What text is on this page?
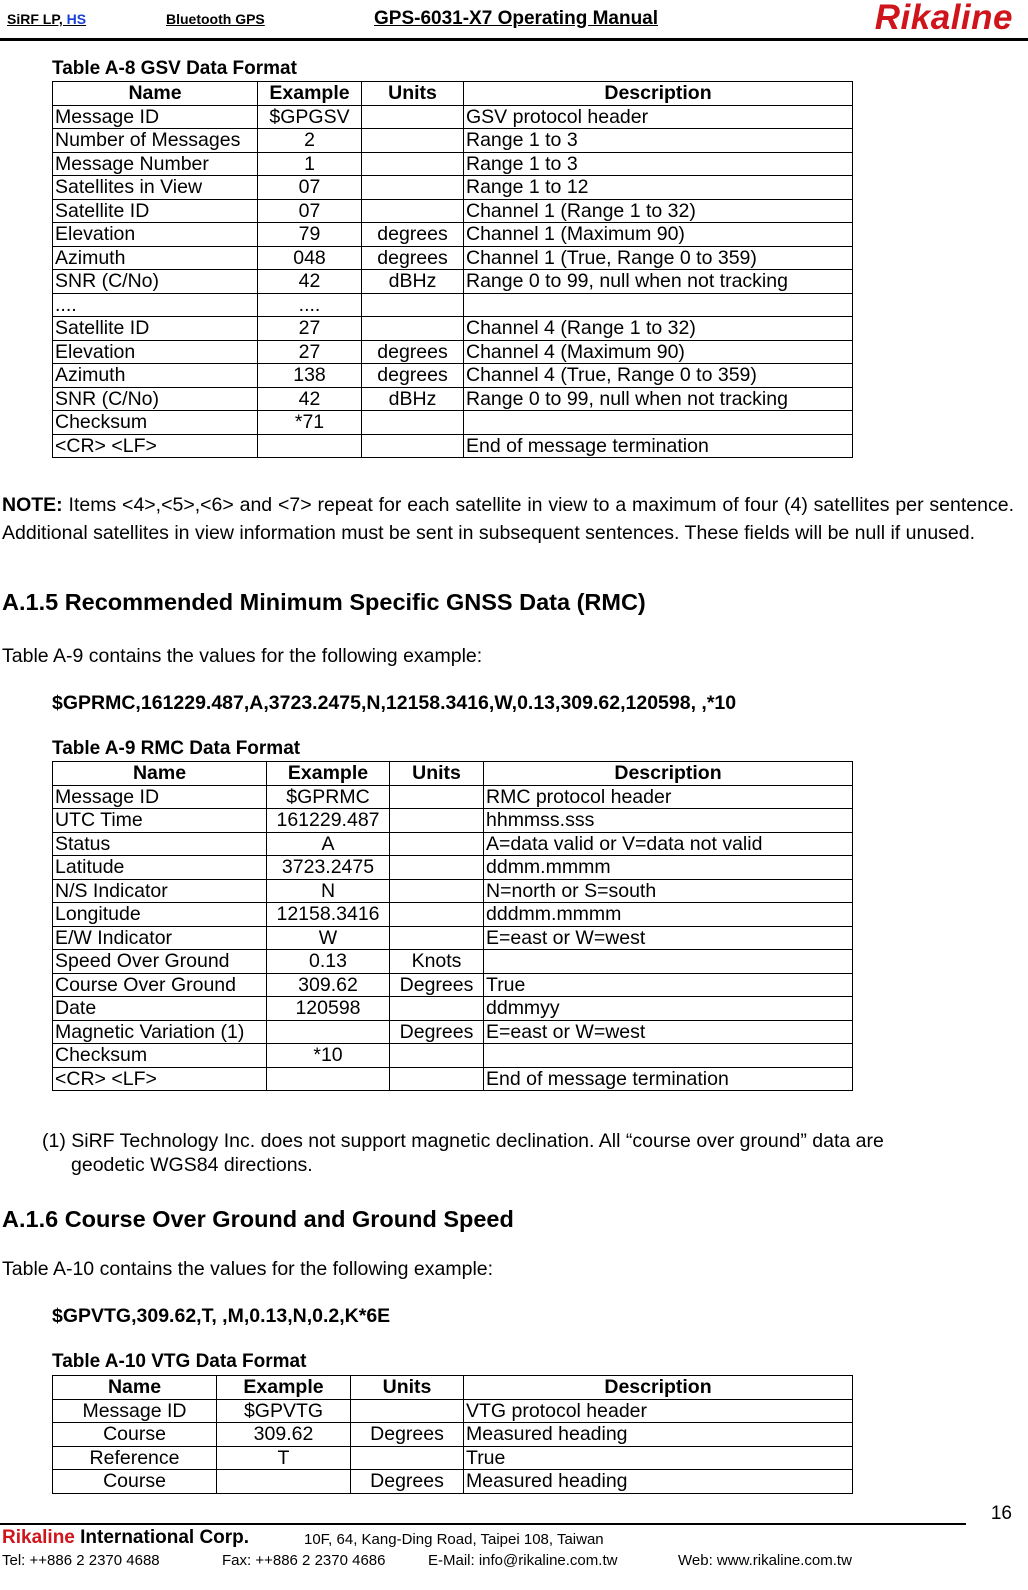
SiRF LP, HS	Bluetooth GPS	GPS-6031-X7 Operating Manual	Rikaline
Table A-8 GSV Data Format
Name	Example	Units	Description
Message ID	$GPGSV		GSV protocol header
Number of Messages	2		Range 1 to 3
Message Number	1		Range 1 to 3
Satellites in View	07		Range 1 to 12
Satellite ID	07		Channel 1 (Range 1 to 32)
Elevation	79	degrees	Channel 1 (Maximum 90)
Azimuth	048	degrees	Channel 1 (True, Range 0 to 359)
SNR (C/No)	42	dBHz	Range 0 to 99, null when not tracking
....	....		
Satellite ID	27		Channel 4 (Range 1 to 32)
Elevation	27	degrees	Channel 4 (Maximum 90)
Azimuth	138	degrees	Channel 4 (True, Range 0 to 359)
SNR (C/No)	42	dBHz	Range 0 to 99, null when not tracking
Checksum	*71		
<CR> <LF>			End of message termination
NOTE: Items <4>,<5>,<6> and <7> repeat for each satellite in view to a maximum of four (4) satellites per sentence. Additional satellites in view information must be sent in subsequent sentences. These fields will be null if unused.
A.1.5 Recommended Minimum Specific GNSS Data (RMC)
Table A-9 contains the values for the following example:
$GPRMC,161229.487,A,3723.2475,N,12158.3416,W,0.13,309.62,120598, ,*10
Table A-9 RMC Data Format
Name	Example	Units	Description
Message ID	$GPRMC		RMC protocol header
UTC Time	161229.487		hhmmss.sss
Status	A		A=data valid or V=data not valid
Latitude	3723.2475		ddmm.mmmm
N/S Indicator	N		N=north or S=south
Longitude	12158.3416		dddmm.mmmm
E/W Indicator	W		E=east or W=west
Speed Over Ground	0.13	Knots	
Course Over Ground	309.62	Degrees	True
Date	120598		ddmmyy
Magnetic Variation (1)		Degrees	E=east or W=west
Checksum	*10		
<CR> <LF>			End of message termination
(1) SiRF Technology Inc. does not support magnetic declination. All “course over ground” data are
geodetic WGS84 directions.
A.1.6 Course Over Ground and Ground Speed
Table A-10 contains the values for the following example:
$GPVTG,309.62,T, ,M,0.13,N,0.2,K*6E
Table A-10 VTG Data Format
Name	Example	Units	Description
Message ID	$GPVTG		VTG protocol header
Course	309.62	Degrees	Measured heading
Reference	T		True
Course		Degrees	Measured heading
16
Rikaline International Corp.	10F, 64, Kang-Ding Road, Taipei 108, Taiwan
Tel: ++886 2 2370 4688	Fax: ++886 2 2370 4686	E-Mail: info@rikaline.com.tw	Web: www.rikaline.com.tw
